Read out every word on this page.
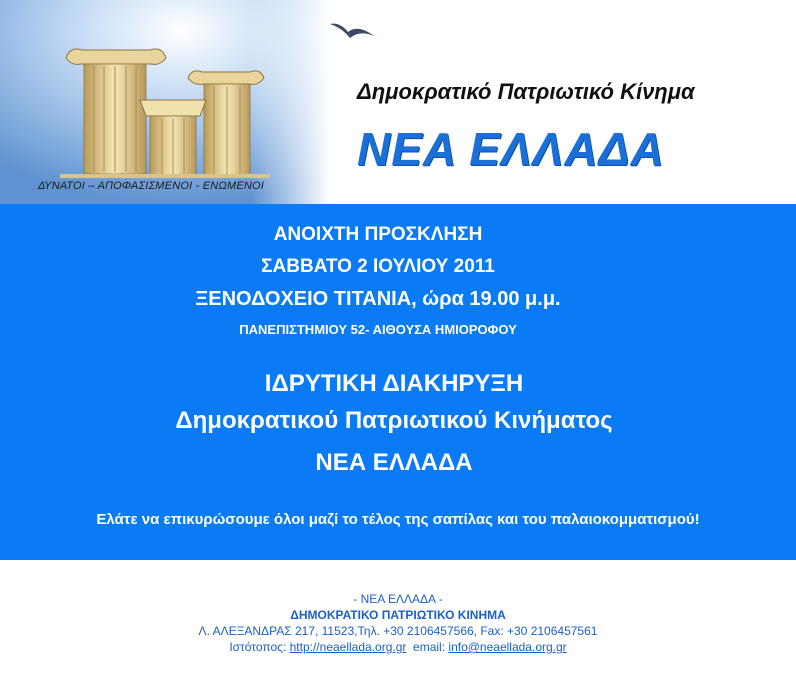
ΔΥΝΑΤΟΙ – ΑΠΟΦΑΣΙΣΜΕΝΟΙ - ΕΝΩΜΕΝΟΙ
Δημοκρατικό Πατριωτικό Κίνημα
ΝΕΑ ΕΛΛΑΔΑ
ΑΝΟΙΧΤΗ ΠΡΟΣΚΛΗΣΗ
ΣΑΒΒΑΤΟ 2 ΙΟΥΛΙΟΥ 2011
ΞΕΝΟΔΟΧΕΙΟ ΤΙΤΑΝΙΑ, ώρα 19.00 μ.μ.
ΠΑΝΕΠΙΣΤΗΜΙΟΥ 52- ΑΙΘΟΥΣΑ ΗΜΙΟΡΟΦΟΥ
ΙΔΡΥΤΙΚΗ ΔΙΑΚΗΡΥΞΗ
Δημοκρατικού Πατριωτικού Κινήματος
ΝΕΑ ΕΛΛΑΔΑ
Ελάτε να επικυρώσουμε όλοι μαζί το τέλος της σαπίλας και του παλαιοκομματισμού!
- ΝΕΑ ΕΛΛΑΔΑ -
ΔΗΜΟΚΡΑΤΙΚΟ ΠΑΤΡΙΩΤΙΚΟ ΚΙΝΗΜΑ
Λ. ΑΛΕΞΑΝΔΡΑΣ 217, 11523,Τηλ. +30 2106457566, Fax: +30 2106457561
Ιστότοπος: http://neaellada.org.gr email: info@neaellada.org.gr
